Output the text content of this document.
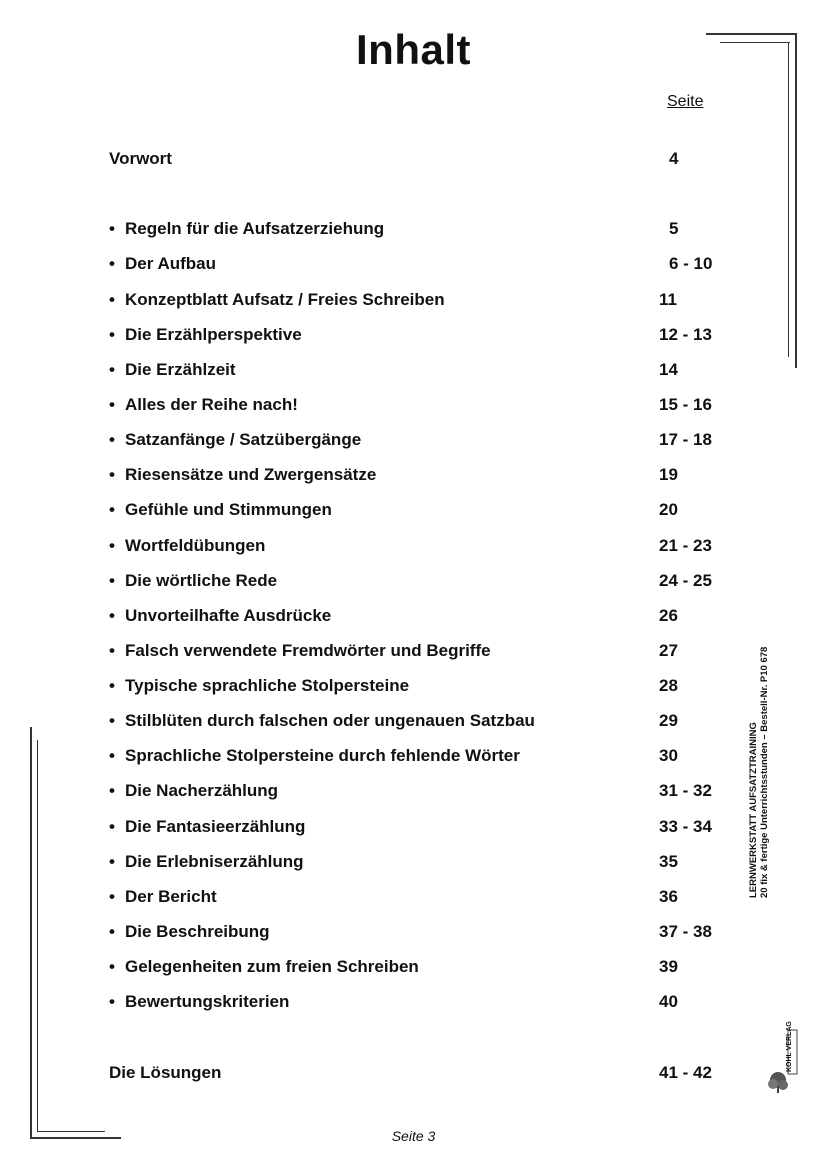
Inhalt
Seite
Vorwort	4
• Regeln für die Aufsatzerziehung	5
• Der Aufbau	6 - 10
• Konzeptblatt Aufsatz / Freies Schreiben	11
• Die Erzählperspektive	12 - 13
• Die Erzählzeit	14
• Alles der Reihe nach!	15 - 16
• Satzanfänge / Satzübergänge	17 - 18
• Riesensätze und Zwergensätze	19
• Gefühle und Stimmungen	20
• Wortfeldübungen	21 - 23
• Die wörtliche Rede	24 - 25
• Unvorteilhafte Ausdrücke	26
• Falsch verwendete Fremdwörter und Begriffe	27
• Typische sprachliche Stolpersteine	28
• Stilblüten durch falschen oder ungenauen Satzbau	29
• Sprachliche Stolpersteine durch fehlende Wörter	30
• Die Nacherzählung	31 - 32
• Die Fantasieerzählung	33 - 34
• Die Erlebniserzählung	35
• Der Bericht	36
• Die Beschreibung	37 - 38
• Gelegenheiten zum freien Schreiben	39
• Bewertungskriterien	40
Die Lösungen	41 - 42
Seite 3
LERNWERKSTATT AUFSATZTRAINING 20 fix & fertige Unterrichtsstunden – Bestell-Nr. P10 678
KOHL VERLAG
